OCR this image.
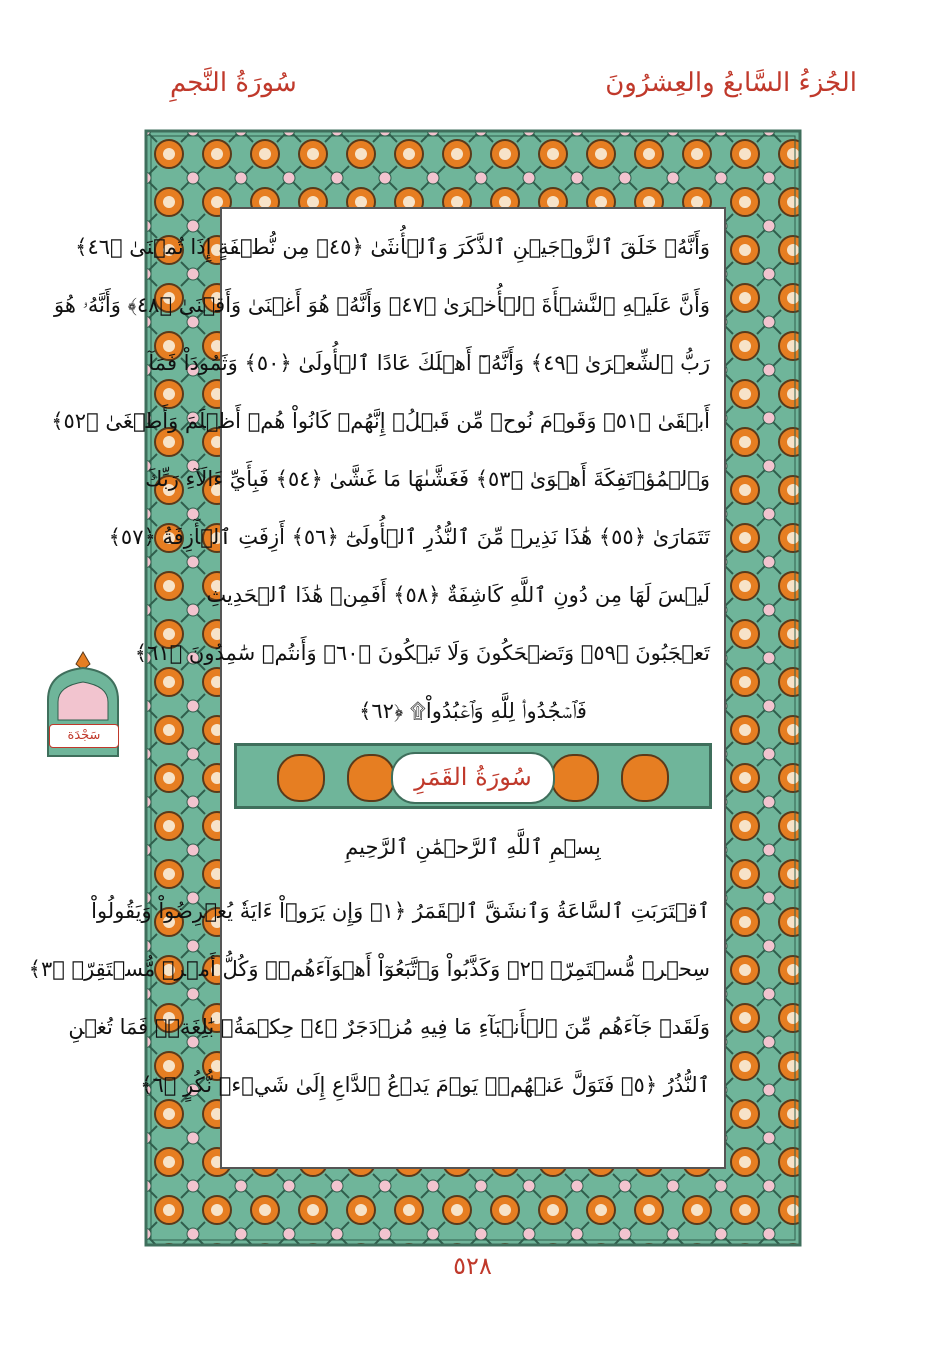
الجُزءُ السَّابعُ والعِشرُونَ
سُورَةُ النَّجمِ
وَأَنَّهُۥ خَلَقَ ٱلزَّوۡجَيۡنِ ٱلذَّكَرَ وَٱلۡأُنثَىٰ ﴿٤٥﴾ مِن نُّطۡفَةٍ إِذَا تُمۡنَىٰ ﴿٤٦﴾
وَأَنَّ عَلَيۡهِ ٱلنَّشۡأَةَ ٱلۡأُخۡرَىٰ ﴿٤٧﴾ وَأَنَّهُۥ هُوَ أَغۡنَىٰ وَأَقۡنَىٰ ﴿٤٨﴾ وَأَنَّهُۥ هُوَ
رَبُّ ٱلشِّعۡرَىٰ ﴿٤٩﴾ وَأَنَّهُۥٓ أَهۡلَكَ عَادًا ٱلۡأُولَىٰ ﴿٥٠﴾ وَثَمُودَاْ فَمَآ
أَبۡقَىٰ ﴿٥١﴾ وَقَوۡمَ نُوحٖ مِّن قَبۡلُۖ إِنَّهُمۡ كَانُواْ هُمۡ أَظۡلَمَ وَأَطۡغَىٰ ﴿٥٢﴾
وَٱلۡمُؤۡتَفِكَةَ أَهۡوَىٰ ﴿٥٣﴾ فَغَشَّىٰهَا مَا غَشَّىٰ ﴿٥٤﴾ فَبِأَيِّ ءَالَآءِ رَبِّكَ
تَتَمَارَىٰ ﴿٥٥﴾ هَٰذَا نَذِيرٞ مِّنَ ٱلنُّذُرِ ٱلۡأُولَىٰٓ ﴿٥٦﴾ أَزِفَتِ ٱلۡأٓزِفَةُ ﴿٥٧﴾
لَيۡسَ لَهَا مِن دُونِ ٱللَّهِ كَاشِفَةٌ ﴿٥٨﴾ أَفَمِنۡ هَٰذَا ٱلۡحَدِيثِ
تَعۡجَبُونَ ﴿٥٩﴾ وَتَضۡحَكُونَ وَلَا تَبۡكُونَ ﴿٦٠﴾ وَأَنتُمۡ سَٰمِدُونَ ﴿٦١﴾
فَٱسۡجُدُواْۤ لِلَّهِ وَٱعۡبُدُواْ۩ ﴿٦٢﴾
سُورَةُ القَمَرِ
بِسۡمِ ٱللَّهِ ٱلرَّحۡمَٰنِ ٱلرَّحِيمِ
ٱقۡتَرَبَتِ ٱلسَّاعَةُ وَٱنشَقَّ ٱلۡقَمَرُ ﴿١﴾ وَإِن يَرَوۡاْ ءَايَةٗ يُعۡرِضُواْ وَيَقُولُواْ
سِحۡرٞ مُّسۡتَمِرّٞ ﴿٢﴾ وَكَذَّبُواْ وَٱتَّبَعُوٓاْ أَهۡوَآءَهُمۡۚ وَكُلُّ أَمۡرٖ مُّسۡتَقِرّٞ ﴿٣﴾
وَلَقَدۡ جَآءَهُم مِّنَ ٱلۡأَنۢبَآءِ مَا فِيهِ مُزۡدَجَرٌ ﴿٤﴾ حِكۡمَةُۢ بَٰلِغَةٞۖ فَمَا تُغۡنِ
ٱلنُّذُرُ ﴿٥﴾ فَتَوَلَّ عَنۡهُمۡۘ يَوۡمَ يَدۡعُ ٱلدَّاعِ إِلَىٰ شَيۡءٖ نُّكُرٍ ﴿٦﴾
سَجْدَة
٥٢٨
